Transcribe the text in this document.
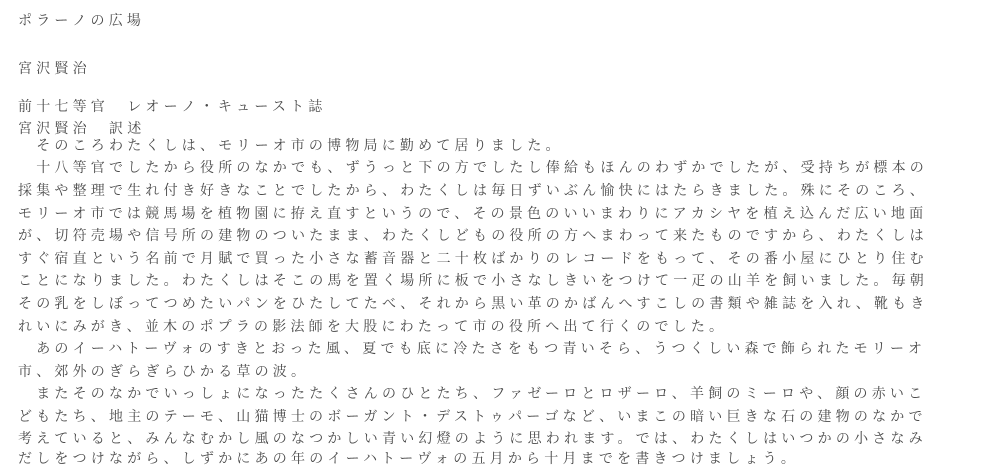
ポラーノの広場
宮沢賢治
前十七等官　レオーノ・キュースト誌
宮沢賢治　訳述
　そのころわたくしは、モリーオ市の博物局に勤めて居りました。
　十八等官でしたから役所のなかでも、ずうっと下の方でしたし俸給もほんのわずかでしたが、受持ちが標本の
採集や整理で生れ付き好きなことでしたから、わたくしは毎日ずいぶん愉快にはたらきました。殊にそのころ、
モリーオ市では競馬場を植物園に拵え直すというので、その景色のいいまわりにアカシヤを植え込んだ広い地面
が、切符売場や信号所の建物のついたまま、わたくしどもの役所の方へまわって来たものですから、わたくしは
すぐ宿直という名前で月賦で買った小さな蓄音器と二十枚ばかりのレコードをもって、その番小屋にひとり住む
ことになりました。わたくしはそこの馬を置く場所に板で小さなしきいをつけて一疋の山羊を飼いました。毎朝
その乳をしぼってつめたいパンをひたしてたべ、それから黒い革のかばんへすこしの書類や雑誌を入れ、靴もき
れいにみがき、並木のポプラの影法師を大股にわたって市の役所へ出て行くのでした。
　あのイーハトーヴォのすきとおった風、夏でも底に冷たさをもつ青いそら、うつくしい森で飾られたモリーオ
市、郊外のぎらぎらひかる草の波。
　またそのなかでいっしょになったたくさんのひとたち、ファゼーロとロザーロ、羊飼のミーロや、顔の赤いこ
どもたち、地主のテーモ、山猫博士のボーガント・デストゥパーゴなど、いまこの暗い巨きな石の建物のなかで
考えていると、みんなむかし風のなつかしい青い幻燈のように思われます。では、わたくしはいつかの小さなみ
だしをつけながら、しずかにあの年のイーハトーヴォの五月から十月までを書きつけましょう。
